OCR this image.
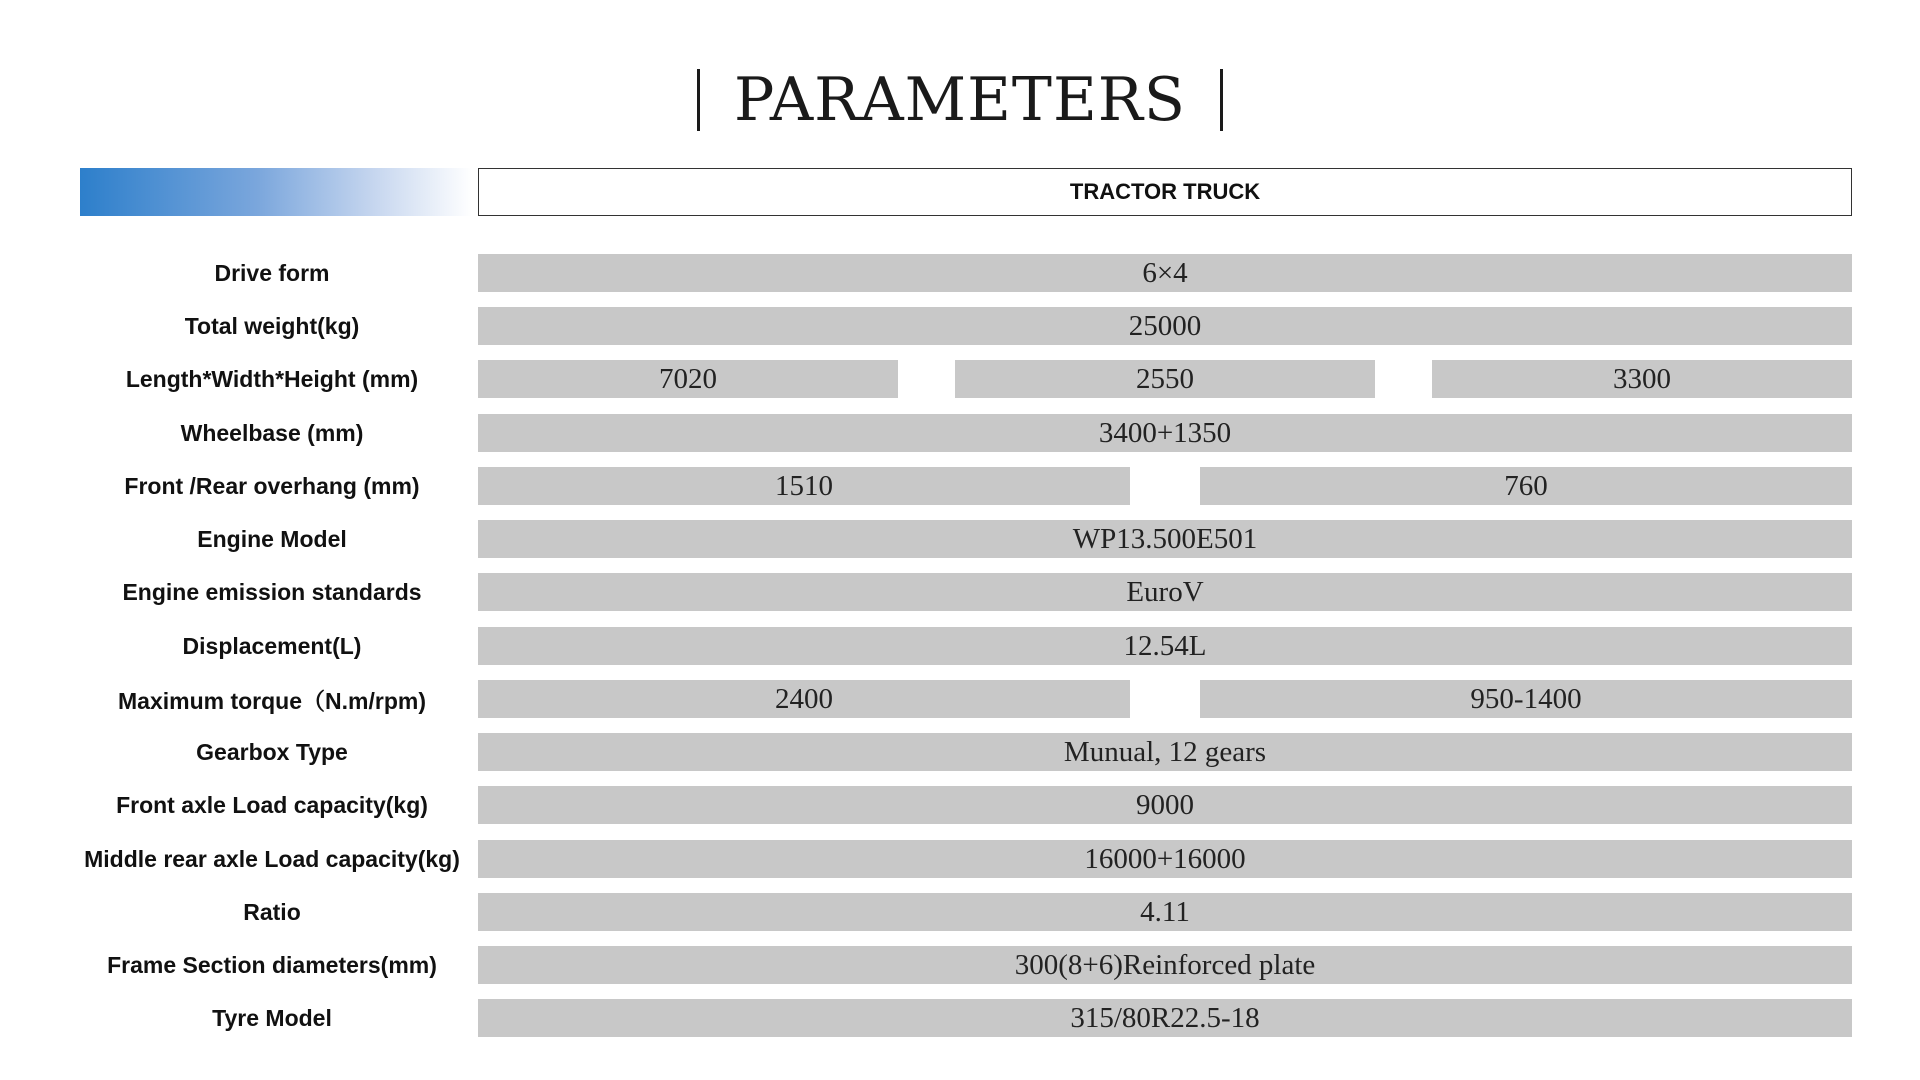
PARAMETERS
TRACTOR TRUCK
Drive form	6×4
Total weight(kg)	25000
Length*Width*Height (mm)	7020	2550	3300
Wheelbase (mm)	3400+1350
Front /Rear overhang (mm)	1510	760
Engine Model	WP13.500E501
Engine emission standards	EuroV
Displacement(L)	12.54L
Maximum torque（N.m/rpm)	2400	950-1400
Gearbox Type	Munual, 12 gears
Front axle Load capacity(kg)	9000
Middle rear axle Load capacity(kg)	16000+16000
Ratio	4.11
Frame Section diameters(mm)	300(8+6)Reinforced plate
Tyre Model	315/80R22.5-18
